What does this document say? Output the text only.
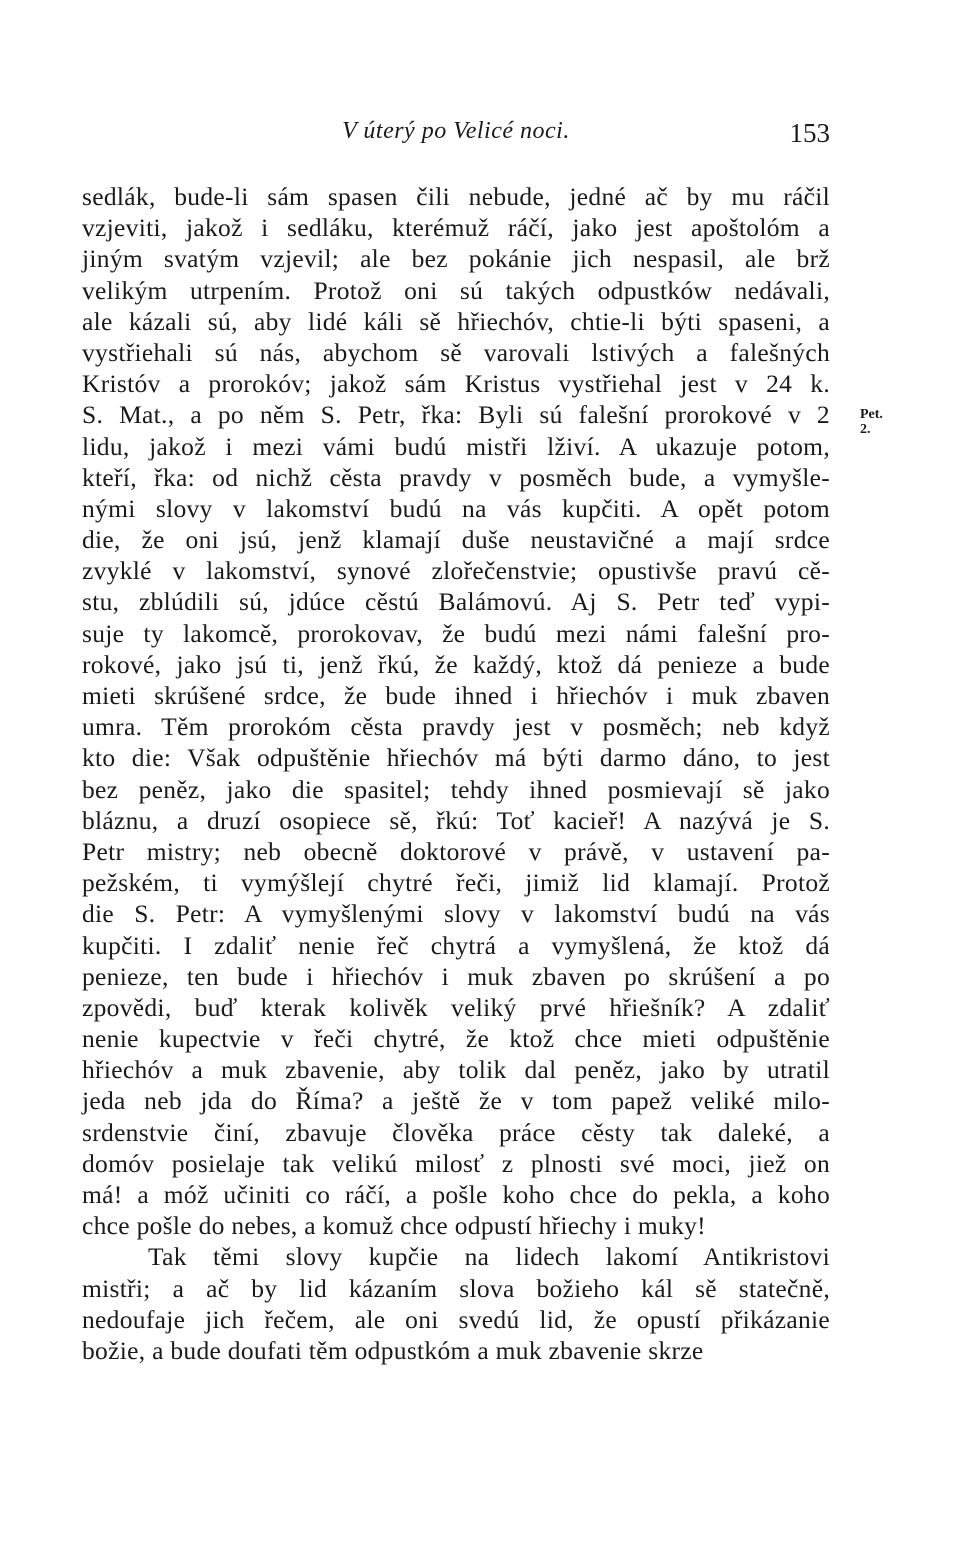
V úterý po Velicé noci.	153
Pet.
2.
sedlák, bude-li sám spasen čili nebude, jedné ač by mu ráčil
vzjeviti, jakož i sedláku, kterémuž ráčí, jako jest apoštolóm a
jiným svatým vzjevil; ale bez pokánie jich nespasil, ale brž
velikým utrpením. Protož oni sú takých odpustków nedávali,
ale kázali sú, aby lidé káli sě hřiechóv, chtie-li býti spaseni, a
vystřiehali sú nás, abychom sě varovali lstivých a falešných
Kristóv a prorokóv; jakož sám Kristus vystřiehal jest v 24 k.
S. Mat., a po něm S. Petr, řka: Byli sú falešní prorokové v 2
lidu, jakož i mezi vámi budú mistři lživí. A ukazuje potom,
kteří, řka: od nichž cěsta pravdy v posměch bude, a vymyšle-
nými slovy v lakomství budú na vás kupčiti. A opět potom
die, že oni jsú, jenž klamají duše neustavičné a mají srdce
zvyklé v lakomství, synové zlořečenstvie; opustivše pravú cě-
stu, zblúdili sú, jdúce cěstú Balámovú. Aj S. Petr teď vypi-
suje ty lakomcě, prorokovav, že budú mezi námi falešní pro-
rokové, jako jsú ti, jenž řkú, že každý, ktož dá penieze a bude
mieti skrúšené srdce, že bude ihned i hřiechóv i muk zbaven
umra. Těm prorokóm cěsta pravdy jest v posměch; neb když
kto die: Však odpuštěnie hřiechóv má býti darmo dáno, to jest
bez peněz, jako die spasitel; tehdy ihned posmievají sě jako
bláznu, a druzí osopiece sě, řkú: Toť kacieř! A nazývá je S.
Petr mistry; neb obecně doktorové v právě, v ustavení pa-
pežském, ti vymýšlejí chytré řeči, jimiž lid klamají. Protož
die S. Petr: A vymyšlenými slovy v lakomství budú na vás
kupčiti. I zdaliť nenie řeč chytrá a vymyšlená, že ktož dá
penieze, ten bude i hřiechóv i muk zbaven po skrúšení a po
zpovědi, buď kterak kolivěk veliký prvé hřiešník? A zdaliť
nenie kupectvie v řeči chytré, že ktož chce mieti odpuštěnie
hřiechóv a muk zbavenie, aby tolik dal peněz, jako by utratil
jeda neb jda do Říma? a ještě že v tom papež veliké milo-
srdenstvie činí, zbavuje člověka práce cěsty tak daleké, a
domóv posielaje tak velikú milosť z plnosti své moci, jiež on
má! a móž učiniti co ráčí, a pošle koho chce do pekla, a koho
chce pošle do nebes, a komuž chce odpustí hřiechy i muky!
Tak těmi slovy kupčie na lidech lakomí Antikristovi
mistři; a ač by lid kázaním slova božieho kál sě statečně,
nedoufaje jich řečem, ale oni svedú lid, že opustí přikázanie
božie, a bude doufati těm odpustkóm a muk zbavenie skrze
